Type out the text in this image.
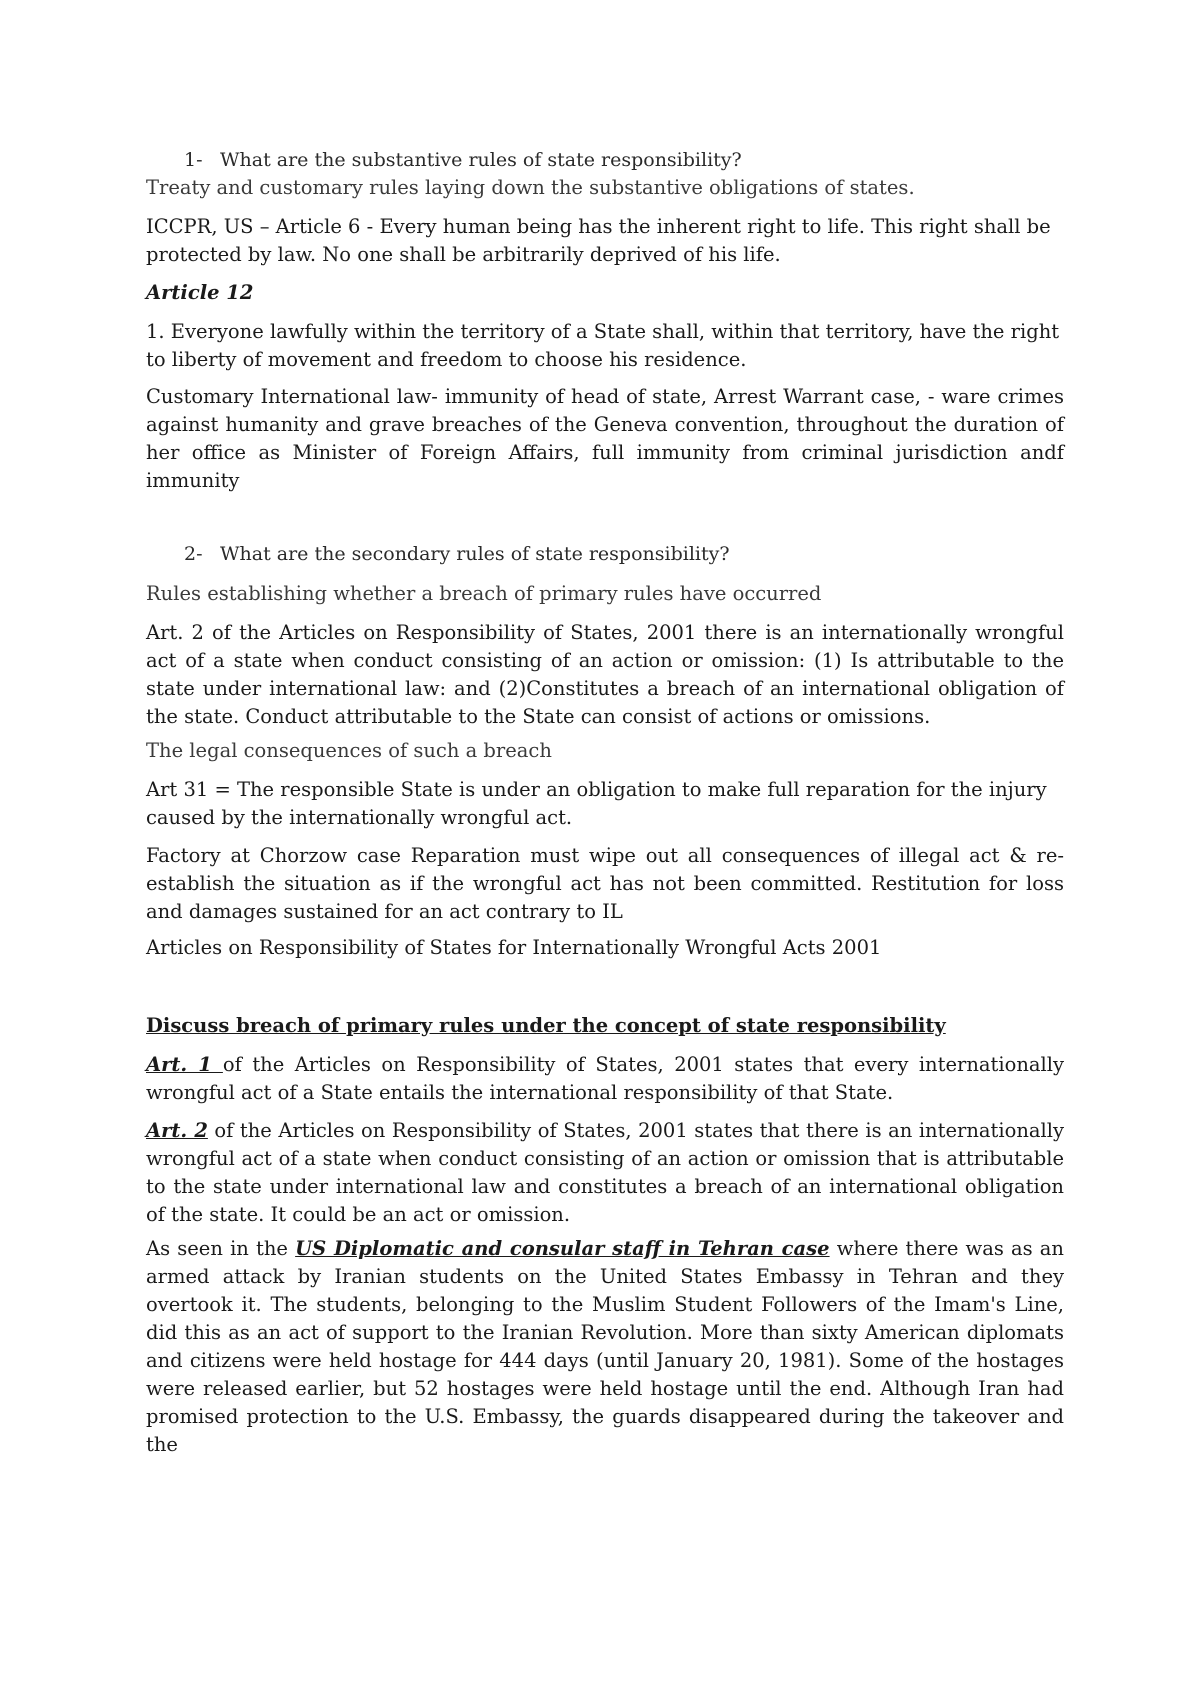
1- What are the substantive rules of state responsibility?

Treaty and customary rules laying down the substantive obligations of states.

ICCPR, US – Article 6 - Every human being has the inherent right to life. This right shall be protected by law. No one shall be arbitrarily deprived of his life.

Article 12

1. Everyone lawfully within the territory of a State shall, within that territory, have the right to liberty of movement and freedom to choose his residence.

Customary International law- immunity of head of state, Arrest Warrant case, - ware crimes against humanity and grave breaches of the Geneva convention, throughout the duration of her office as Minister of Foreign Affairs, full immunity from criminal jurisdiction andf immunity

2- What are the secondary rules of state responsibility?

Rules establishing whether a breach of primary rules have occurred

Art. 2 of the Articles on Responsibility of States, 2001 there is an internationally wrongful act of a state when conduct consisting of an action or omission: (1) Is attributable to the state under international law: and (2)Constitutes a breach of an international obligation of the state. Conduct attributable to the State can consist of actions or omissions.

The legal consequences of such a breach

Art 31 = The responsible State is under an obligation to make full reparation for the injury caused by the internationally wrongful act.

Factory at Chorzow case Reparation must wipe out all consequences of illegal act & re-establish the situation as if the wrongful act has not been committed. Restitution for loss and damages sustained for an act contrary to IL

Articles on Responsibility of States for Internationally Wrongful Acts 2001

Discuss breach of primary rules under the concept of state responsibility

Art. 1 of the Articles on Responsibility of States, 2001 states that every internationally wrongful act of a State entails the international responsibility of that State.

Art. 2 of the Articles on Responsibility of States, 2001 states that there is an internationally wrongful act of a state when conduct consisting of an action or omission that is attributable to the state under international law and constitutes a breach of an international obligation of the state. It could be an act or omission.

As seen in the US Diplomatic and consular staff in Tehran case where there was as an armed attack by Iranian students on the United States Embassy in Tehran and they overtook it. The students, belonging to the Muslim Student Followers of the Imam's Line, did this as an act of support to the Iranian Revolution. More than sixty American diplomats and citizens were held hostage for 444 days (until January 20, 1981). Some of the hostages were released earlier, but 52 hostages were held hostage until the end. Although Iran had promised protection to the U.S. Embassy, the guards disappeared during the takeover and the
